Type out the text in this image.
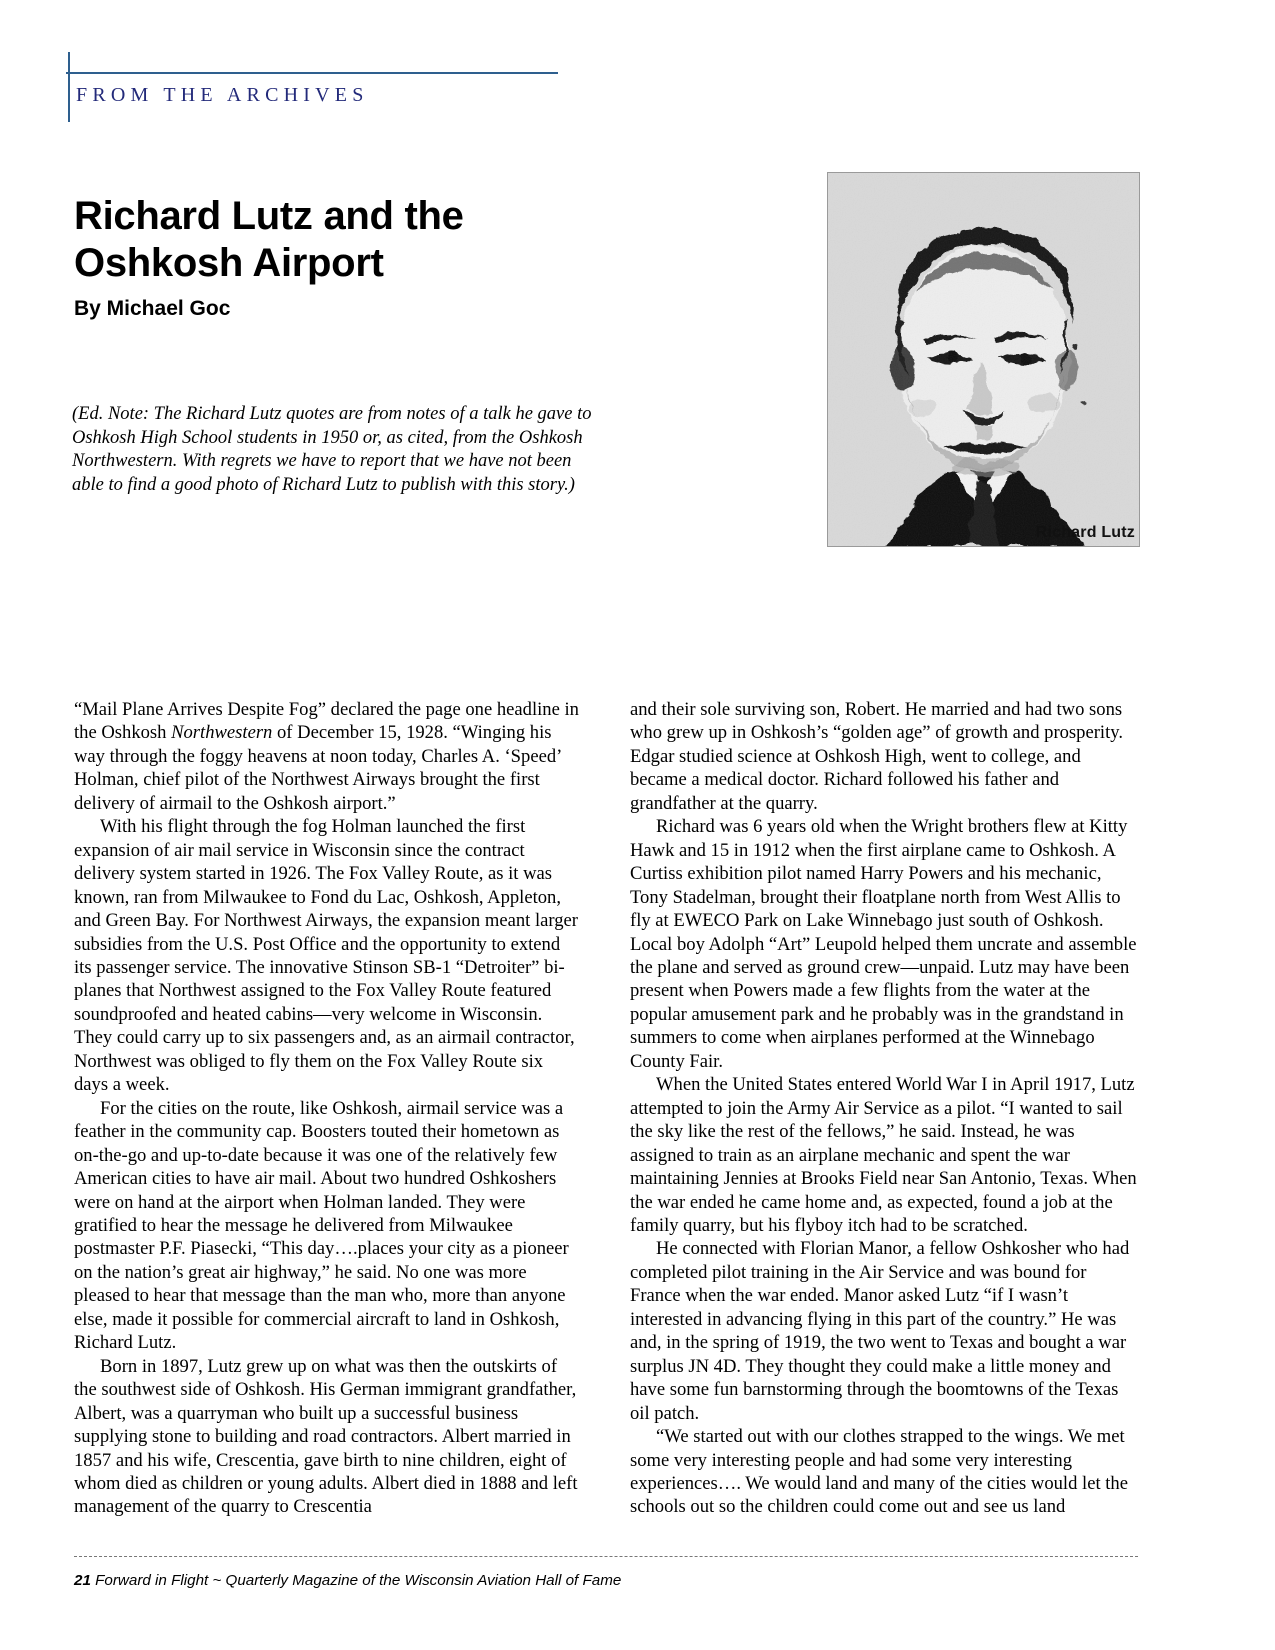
FROM THE ARCHIVES
Richard Lutz and the Oshkosh Airport
By Michael Goc
(Ed. Note: The Richard Lutz quotes are from notes of a talk he gave to Oshkosh High School students in 1950 or, as cited, from the Oshkosh Northwestern. With regrets we have to report that we have not been able to find a good photo of Richard Lutz to publish with this story.)
Richard Lutz

“Mail Plane Arrives Despite Fog” declared the page one headline in the Oshkosh Northwestern of December 15, 1928. “Winging his way through the foggy heavens at noon today, Charles A. ‘Speed’ Holman, chief pilot of the Northwest Airways brought the first delivery of airmail to the Oshkosh airport.”

With his flight through the fog Holman launched the first expansion of air mail service in Wisconsin since the contract delivery system started in 1926. The Fox Valley Route, as it was known, ran from Milwaukee to Fond du Lac, Oshkosh, Appleton, and Green Bay. For Northwest Airways, the expansion meant larger subsidies from the U.S. Post Office and the opportunity to extend its passenger service. The innovative Stinson SB-1 “Detroiter” bi-planes that Northwest assigned to the Fox Valley Route featured soundproofed and heated cabins—very welcome in Wisconsin. They could carry up to six passengers and, as an airmail contractor, Northwest was obliged to fly them on the Fox Valley Route six days a week.

For the cities on the route, like Oshkosh, airmail service was a feather in the community cap. Boosters touted their hometown as on-the-go and up-to-date because it was one of the relatively few American cities to have air mail. About two hundred Oshkoshers were on hand at the airport when Holman landed. They were gratified to hear the message he delivered from Milwaukee postmaster P.F. Piasecki, “This day….places your city as a pioneer on the nation’s great air highway,” he said. No one was more pleased to hear that message than the man who, more than anyone else, made it possible for commercial aircraft to land in Oshkosh, Richard Lutz.

Born in 1897, Lutz grew up on what was then the outskirts of the southwest side of Oshkosh. His German immigrant grandfather, Albert, was a quarryman who built up a successful business supplying stone to building and road contractors. Albert married in 1857 and his wife, Crescentia, gave birth to nine children, eight of whom died as children or young adults. Albert died in 1888 and left management of the quarry to Crescentia

and their sole surviving son, Robert. He married and had two sons who grew up in Oshkosh’s “golden age” of growth and prosperity. Edgar studied science at Oshkosh High, went to college, and became a medical doctor. Richard followed his father and grandfather at the quarry.

Richard was 6 years old when the Wright brothers flew at Kitty Hawk and 15 in 1912 when the first airplane came to Oshkosh. A Curtiss exhibition pilot named Harry Powers and his mechanic, Tony Stadelman, brought their floatplane north from West Allis to fly at EWECO Park on Lake Winnebago just south of Oshkosh. Local boy Adolph “Art” Leupold helped them uncrate and assemble the plane and served as ground crew—unpaid. Lutz may have been present when Powers made a few flights from the water at the popular amusement park and he probably was in the grandstand in summers to come when airplanes performed at the Winnebago County Fair.

When the United States entered World War I in April 1917, Lutz attempted to join the Army Air Service as a pilot. “I wanted to sail the sky like the rest of the fellows,” he said. Instead, he was assigned to train as an airplane mechanic and spent the war maintaining Jennies at Brooks Field near San Antonio, Texas. When the war ended he came home and, as expected, found a job at the family quarry, but his flyboy itch had to be scratched.

He connected with Florian Manor, a fellow Oshkosher who had completed pilot training in the Air Service and was bound for France when the war ended. Manor asked Lutz “if I wasn’t interested in advancing flying in this part of the country.” He was and, in the spring of 1919, the two went to Texas and bought a war surplus JN 4D. They thought they could make a little money and have some fun barnstorming through the boomtowns of the Texas oil patch.

“We started out with our clothes strapped to the wings. We met some very interesting people and had some very interesting experiences…. We would land and many of the cities would let the schools out so the children could come out and see us land

21 Forward in Flight ~ Quarterly Magazine of the Wisconsin Aviation Hall of Fame
